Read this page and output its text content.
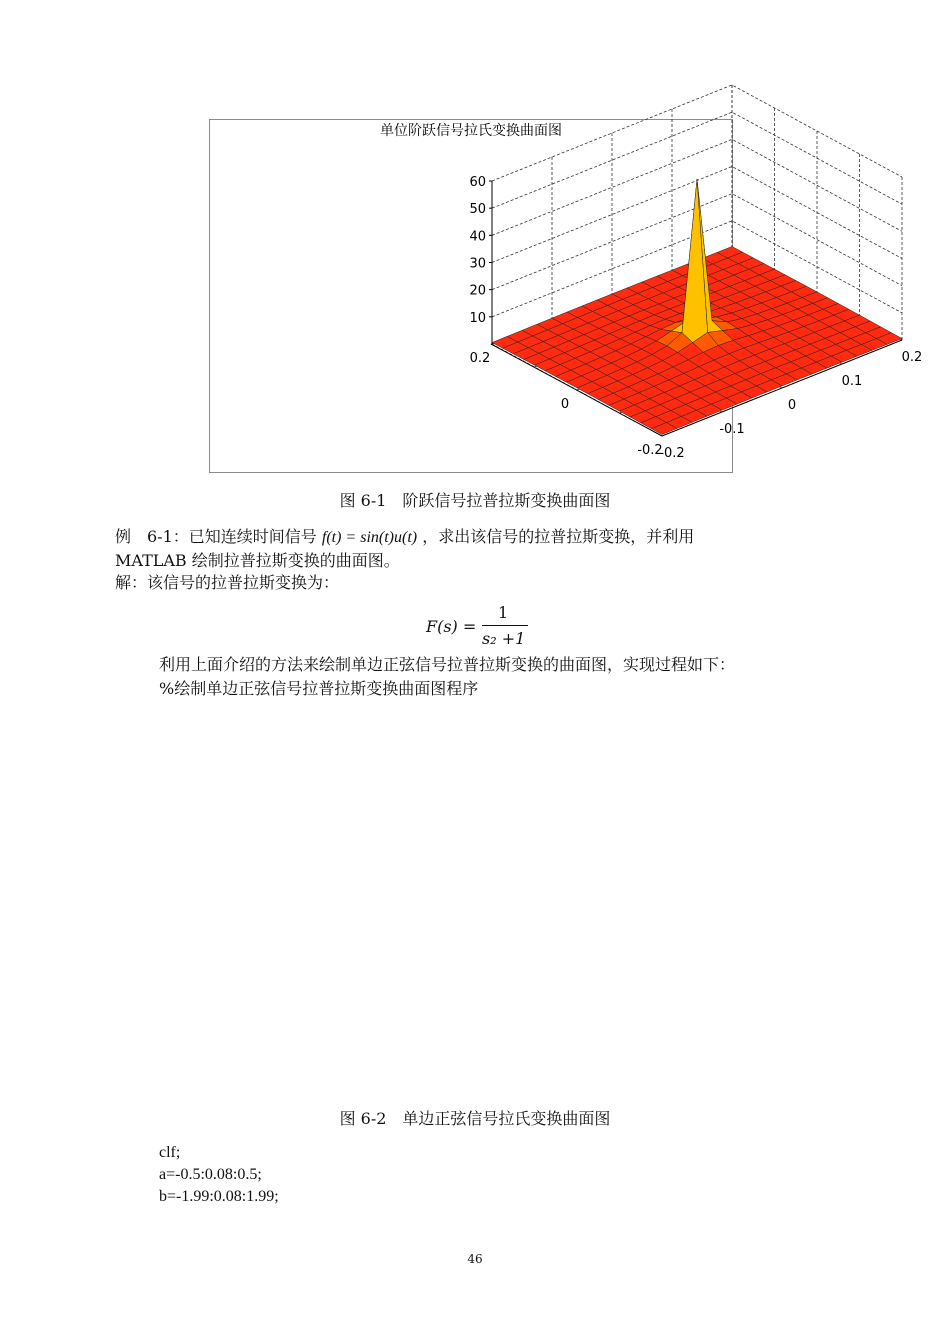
60
50
40
30
20
10
0.2
0
-0.2
-0.2
-0.1
0
0.1
0.2
单位阶跃信号拉氏变换曲面图
图 6-1　阶跃信号拉普拉斯变换曲面图
例　6-1：已知连续时间信号 f(t) = sin(t)u(t) ，求出该信号的拉普拉斯变换，并利用
MATLAB 绘制拉普拉斯变换的曲面图。
解：该信号的拉普拉斯变换为：
F(s) =
1
s₂ +1
利用上面介绍的方法来绘制单边正弦信号拉普拉斯变换的曲面图，实现过程如下：
%绘制单边正弦信号拉普拉斯变换曲面图程序
图 6-2　单边正弦信号拉氏变换曲面图
clf;
a=-0.5:0.08:0.5;
b=-1.99:0.08:1.99;
46
